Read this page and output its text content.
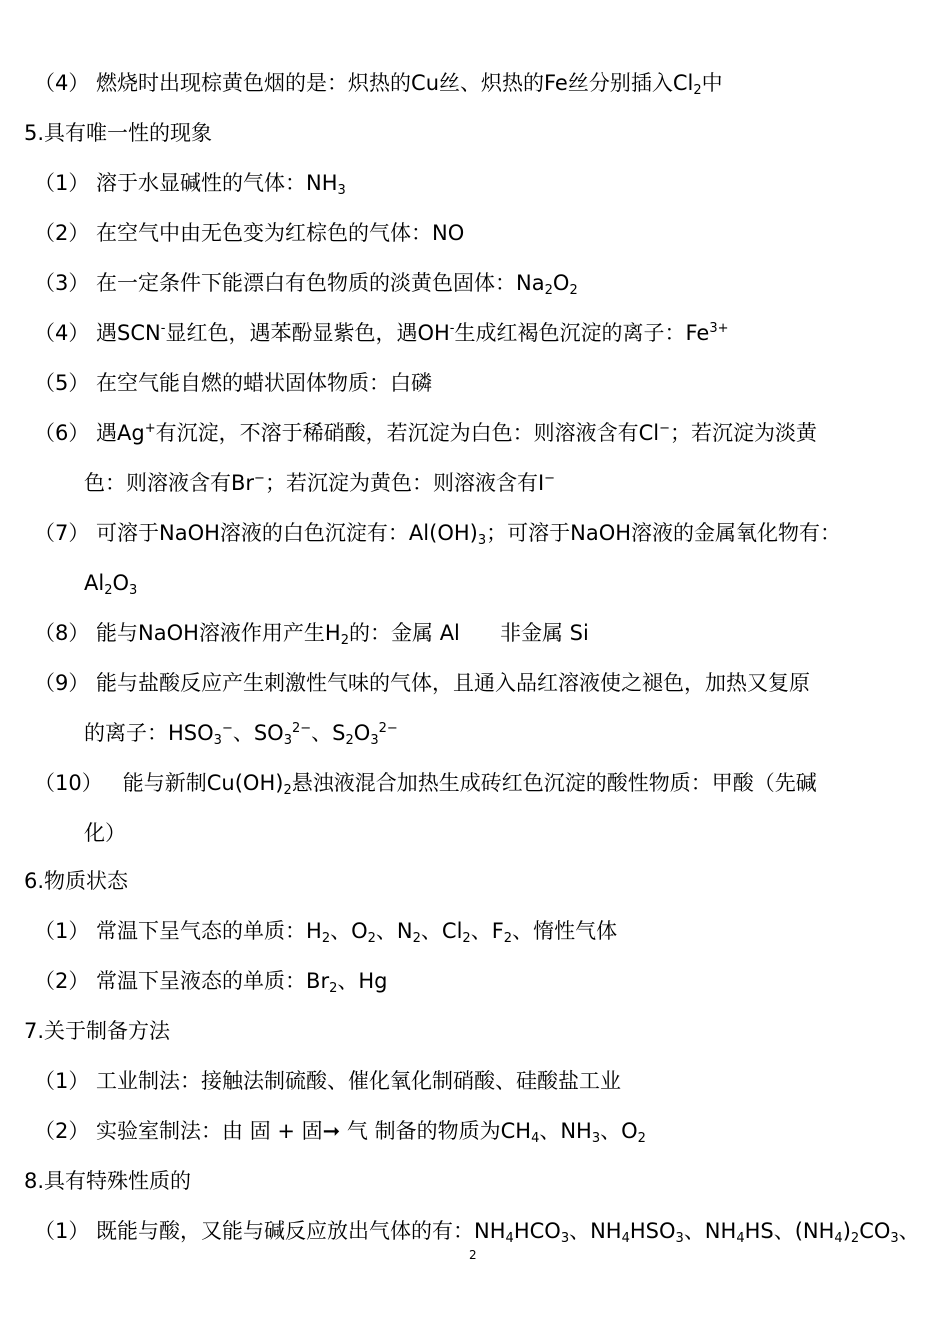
（4） 燃烧时出现棕黄色烟的是：炽热的Cu丝、炽热的Fe丝分别插入$Cl_2$中
5.具有唯一性的现象
（1） 溶于水显碱性的气体：$NH_3$
（2） 在空气中由无色变为红棕色的气体：NO
（3） 在一定条件下能漂白有色物质的淡黄色固体：$Na_2O_2$
（4） 遇SCN-显红色，遇苯酚显紫色，遇OH-生成红褐色沉淀的离子：$Fe^{3+}$
（5） 在空气能自燃的蜡状固体物质：白磷
（6） 遇Ag+有沉淀，不溶于稀硝酸，若沉淀为白色：则溶液含有Cl−；若沉淀为淡黄
色：则溶液含有Br−；若沉淀为黄色：则溶液含有I−
（7） 可溶于NaOH溶液的白色沉淀有：$Al(OH)_3$；可溶于NaOH溶液的金属氧化物有：
$Al_2O_3$
（8） 能与NaOH溶液作用产生$H_2$的：金属 Al      非金属 Si
（9） 能与盐酸反应产生刺激性气味的气体，且通入品红溶液使之褪色，加热又复原
的离子：$HSO_3^-$、$SO_3^{2-}$、$S_2O_3^{2-}$
（10）   能与新制$Cu(OH)_2$悬浊液混合加热生成砖红色沉淀的酸性物质：甲酸（先碱
化）
6.物质状态
（1） 常温下呈气态的单质：$H_2$、$O_2$、$N_2$、$Cl_2$、$F_2$、惰性气体
（2） 常温下呈液态的单质：$Br_2$、Hg
7.关于制备方法
（1） 工业制法：接触法制硫酸、催化氧化制硝酸、硅酸盐工业
（2） 实验室制法：由 固 + 固➞ 气 制备的物质为$CH_4$、$NH_3$、$O_2$
8.具有特殊性质的
（1） 既能与酸，又能与碱反应放出气体的有：$NH_4HCO_3$、$NH_4HSO_3$、$NH_4HS$、$(NH_4)_2CO_3$、
2
